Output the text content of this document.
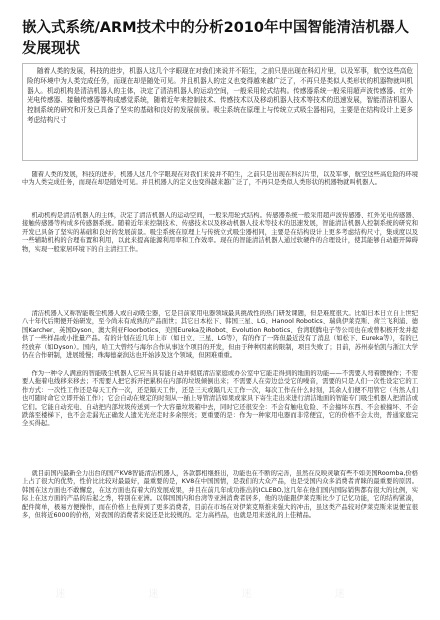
嵌入式系统/ARM技术中的分析2010年中国智能清洁机器人发展现状

随着人类的发展，科技的进步，机器人这几个字眼现在对我们来说并不陌生，之前只是出现在科幻片里，以及军事，航空这些高危险的环境中为人类完成任务，而现在却是随处可见。并且机器人的定义也变得越来越广泛了，不再只是类似人类形状的机器物就叫机器人。机动机构是清洁机器人的主体，决定了清洁机器人的运动空间，一般采用轮式结构。传感器系统一般采用超声波传感器、红外光电传感器、接触传感器等构成感觉系统，随着近年来控制技术、传感技术以及移动机器人技术等技术的迅速发展，智能清洁机器人控制系统的研究和开发已具备了坚实的基础和良好的发展前景。吸尘系统在原理上与传统立式吸尘器相同，主要是在结构设计上更多考虑结构尺寸

随着人类的发展，科技的进步，机器人这几个字眼现在对我们来说并不陌生，之前只是出现在科幻片里，以及军事，航空这些高危险的环境中为人类完成任务，而现在却是随处可见。并且机器人的定义也变得越来越广泛了，不再只是类似人类形状的机器物就叫机器人。

机动机构是清洁机器人的主体，决定了清洁机器人的运动空间，一般采用轮式结构。传感器系统一般采用超声波传感器、红外光电传感器、接触传感器等构成多传感器系统。随着近年来控制技术、传感技术以及移动机器人技术等技术的迅速发展，智能清洁机器人控制系统的研究和开发已具备了坚实的基础和良好的发展前景。吸尘系统在原理上与传统立式吸尘器相同，主要是在结构设计上更多考虑结构尺寸，集成度以及一些辅助机构的合理布置和利用，以此来提高能源利用率和工作效率。现在的智能清洁机器人通过软硬件的合理设计，使其能够自动避开障碍物，实现一般家居环境下的自主清扫工作。

清洁机器人又称智能吸尘机器人或自动吸尘器，它是目前家用电器领域最具挑战性的热门研发课题，但是难度很大。比如日本日立自上世纪八十年代后期便开始研发，至今尚未有成熟的产品面世；其它日本松下、韩国三星、LG、Hanool Robotics、瑞典伊莱克斯、荷兰飞利浦、德国Karcher、英国Dyson、澳大利亚Floorbotics、美国Eureka及iRobot、Evolution Robotics、台湾联腾电子等公司也在或曾积极开发并提供了一些样品或小批量产品。有的计划在近几年上市（如日立、三星、LG等），有的作了一阵但最近没有了消息（如松下、Eureka等），有的已经放弃（如Dyson）。国内，哈工大曾经与海尔合作从事这个项目的开发，但由于种种因素的限制，项目失败了；目前，苏州泰怡凯与浙江大学仍在合作研制，进展缓慢；珠海德豪润达也开始涉及这个领域，但困难重重。

作为一种令人满意的智能吸尘机器人它应当具有能自动并彻底清洁家庭或办公室中它能走得到的地面的功能——不需要人弯着腰操作；不需要人拖着电线移来移去；不需要人把它拆开把累积在内部的垃圾倾倒出来；不需要人在旁边总受它的噪音，需要的只是人们一次性设定它的工作方式：一次性工作还是每天工作一次，还是隔天工作，还是三天或隔几天工作一次，每次工作在什么时刻，其余人们便不用管它（当然人们也可随时命它立即开始工作）；它会自动在规定的时刻从一插上导管清洁如果或家具下寄生走出来进行清洁地面的智能专门吸尘机器人把清洁或它们。它能自动充电、自动把内部垃圾传送到一个大容量垃圾箱中去，同时它还很安全：不会有触电危险、不会撞坏东西、不会被撞坏、不会跌落至楼梯下，也不会走漏光正确发人遗光光亮走时多余照亮；更重要的是：作为一种家用电器而非常便宜，它的价格不会太贵，普通家庭完全买得起。

就目前国内最新全力出台的国产KV8智能清洁机器人，各款都相继推出，功能也在不断的完善，虽然在反映灵敏有些不如美国Roomba,价格上占了很大的优势，性价比比较对最最好，最重要的是，KV8在中国国情，是我们的大众产品，也是受国内众多消费者青睐的最重要的原因。韩国在这方面也不敢懈怠，在这方面也有着大的发展成果，并且在前几年成功推出的ICLEBO,这几年在他们国内国际销售都有很大的比例，实际上在这方面的产品的后起之秀，特别在亚洲。以韩国国内和台湾等亚洲消费者居多，他的功能跟伊莱克斯比少了记忆功能，它的结构紧凑，配件简单，极易方便操作，而在价格上也得到了更多消费者，目前在市场在对伊莱克斯推来强大的冲击，虽这类产品较对伊莱克斯来说便宜很多，但将近6000的价格，对我国的消费者来说还是比较规的。定力高档品，也就是用来送礼的上佳精品。

迷 迷 迷 迷
